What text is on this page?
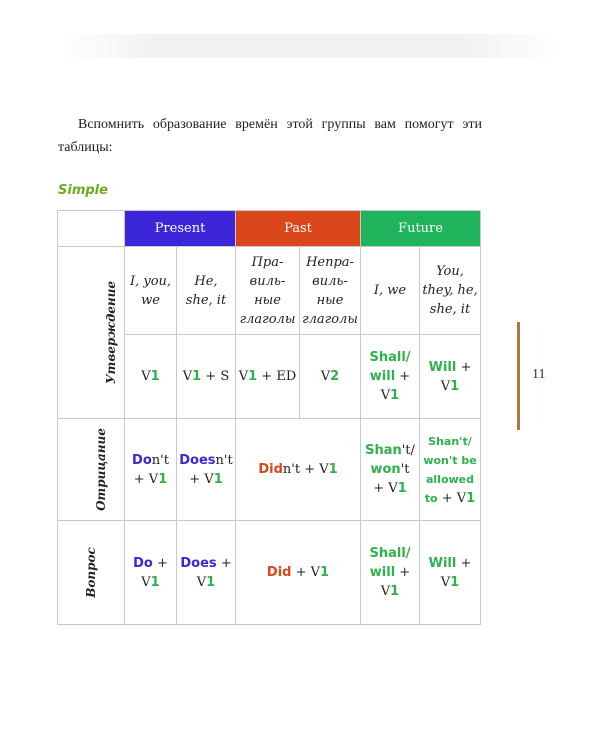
Вспомнить образование времён этой группы вам помогут эти таблицы:

Simple

	Present		Past		Future	
Утверждение	I, you, we	He, she, it	Пра-виль-ные глаголы	Непра-виль-ные глаголы	I, we	You, they, he, she, it
	V1	V1 + S	V1 + ED	V2	Shall/ will + V1	Will + V1
Отрицание	Don't + V1	Doesn't + V1	Didn't + V1		Shan't/ won't + V1	Shan't/ won't be allowed to + V1
Вопрос	Do + V1	Does + V1	Did + V1		Shall/ will + V1	Will + V1
11
